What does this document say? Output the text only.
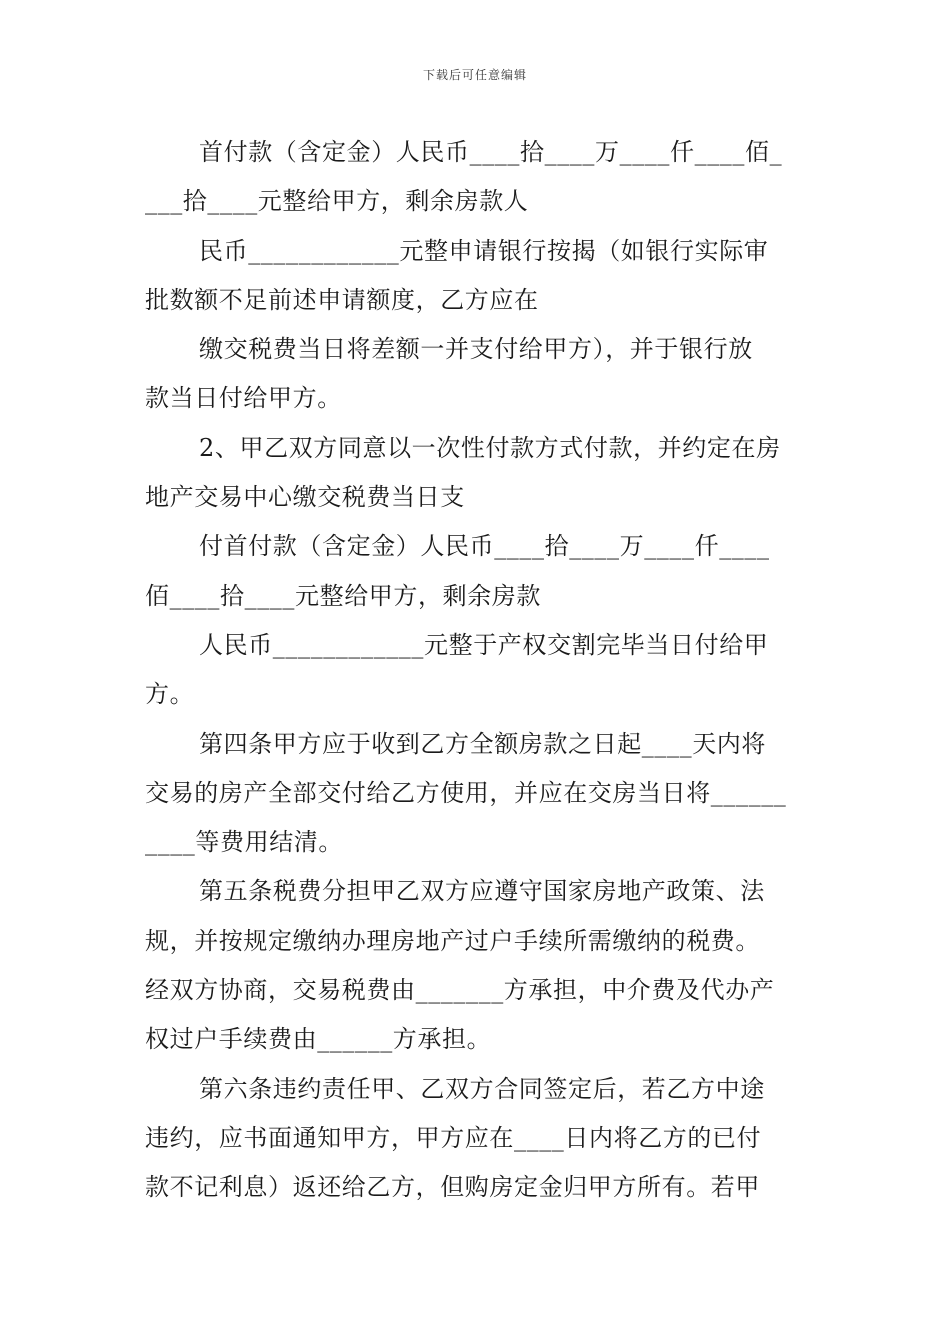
下载后可任意编辑
首付款（含定金）人民币____拾____万____仟____佰_
___拾____元整给甲方，剩余房款人
民币____________元整申请银行按揭（如银行实际审
批数额不足前述申请额度，乙方应在
缴交税费当日将差额一并支付给甲方），并于银行放
款当日付给甲方。
2、甲乙双方同意以一次性付款方式付款，并约定在房
地产交易中心缴交税费当日支
付首付款（含定金）人民币____拾____万____仟____
佰____拾____元整给甲方，剩余房款
人民币____________元整于产权交割完毕当日付给甲
方。
第四条甲方应于收到乙方全额房款之日起____天内将
交易的房产全部交付给乙方使用，并应在交房当日将______
____等费用结清。
第五条税费分担甲乙双方应遵守国家房地产政策、法
规，并按规定缴纳办理房地产过户手续所需缴纳的税费。
经双方协商，交易税费由_______方承担，中介费及代办产
权过户手续费由______方承担。
第六条违约责任甲、乙双方合同签定后，若乙方中途
违约，应书面通知甲方，甲方应在____日内将乙方的已付
款不记利息）返还给乙方，但购房定金归甲方所有。若甲
